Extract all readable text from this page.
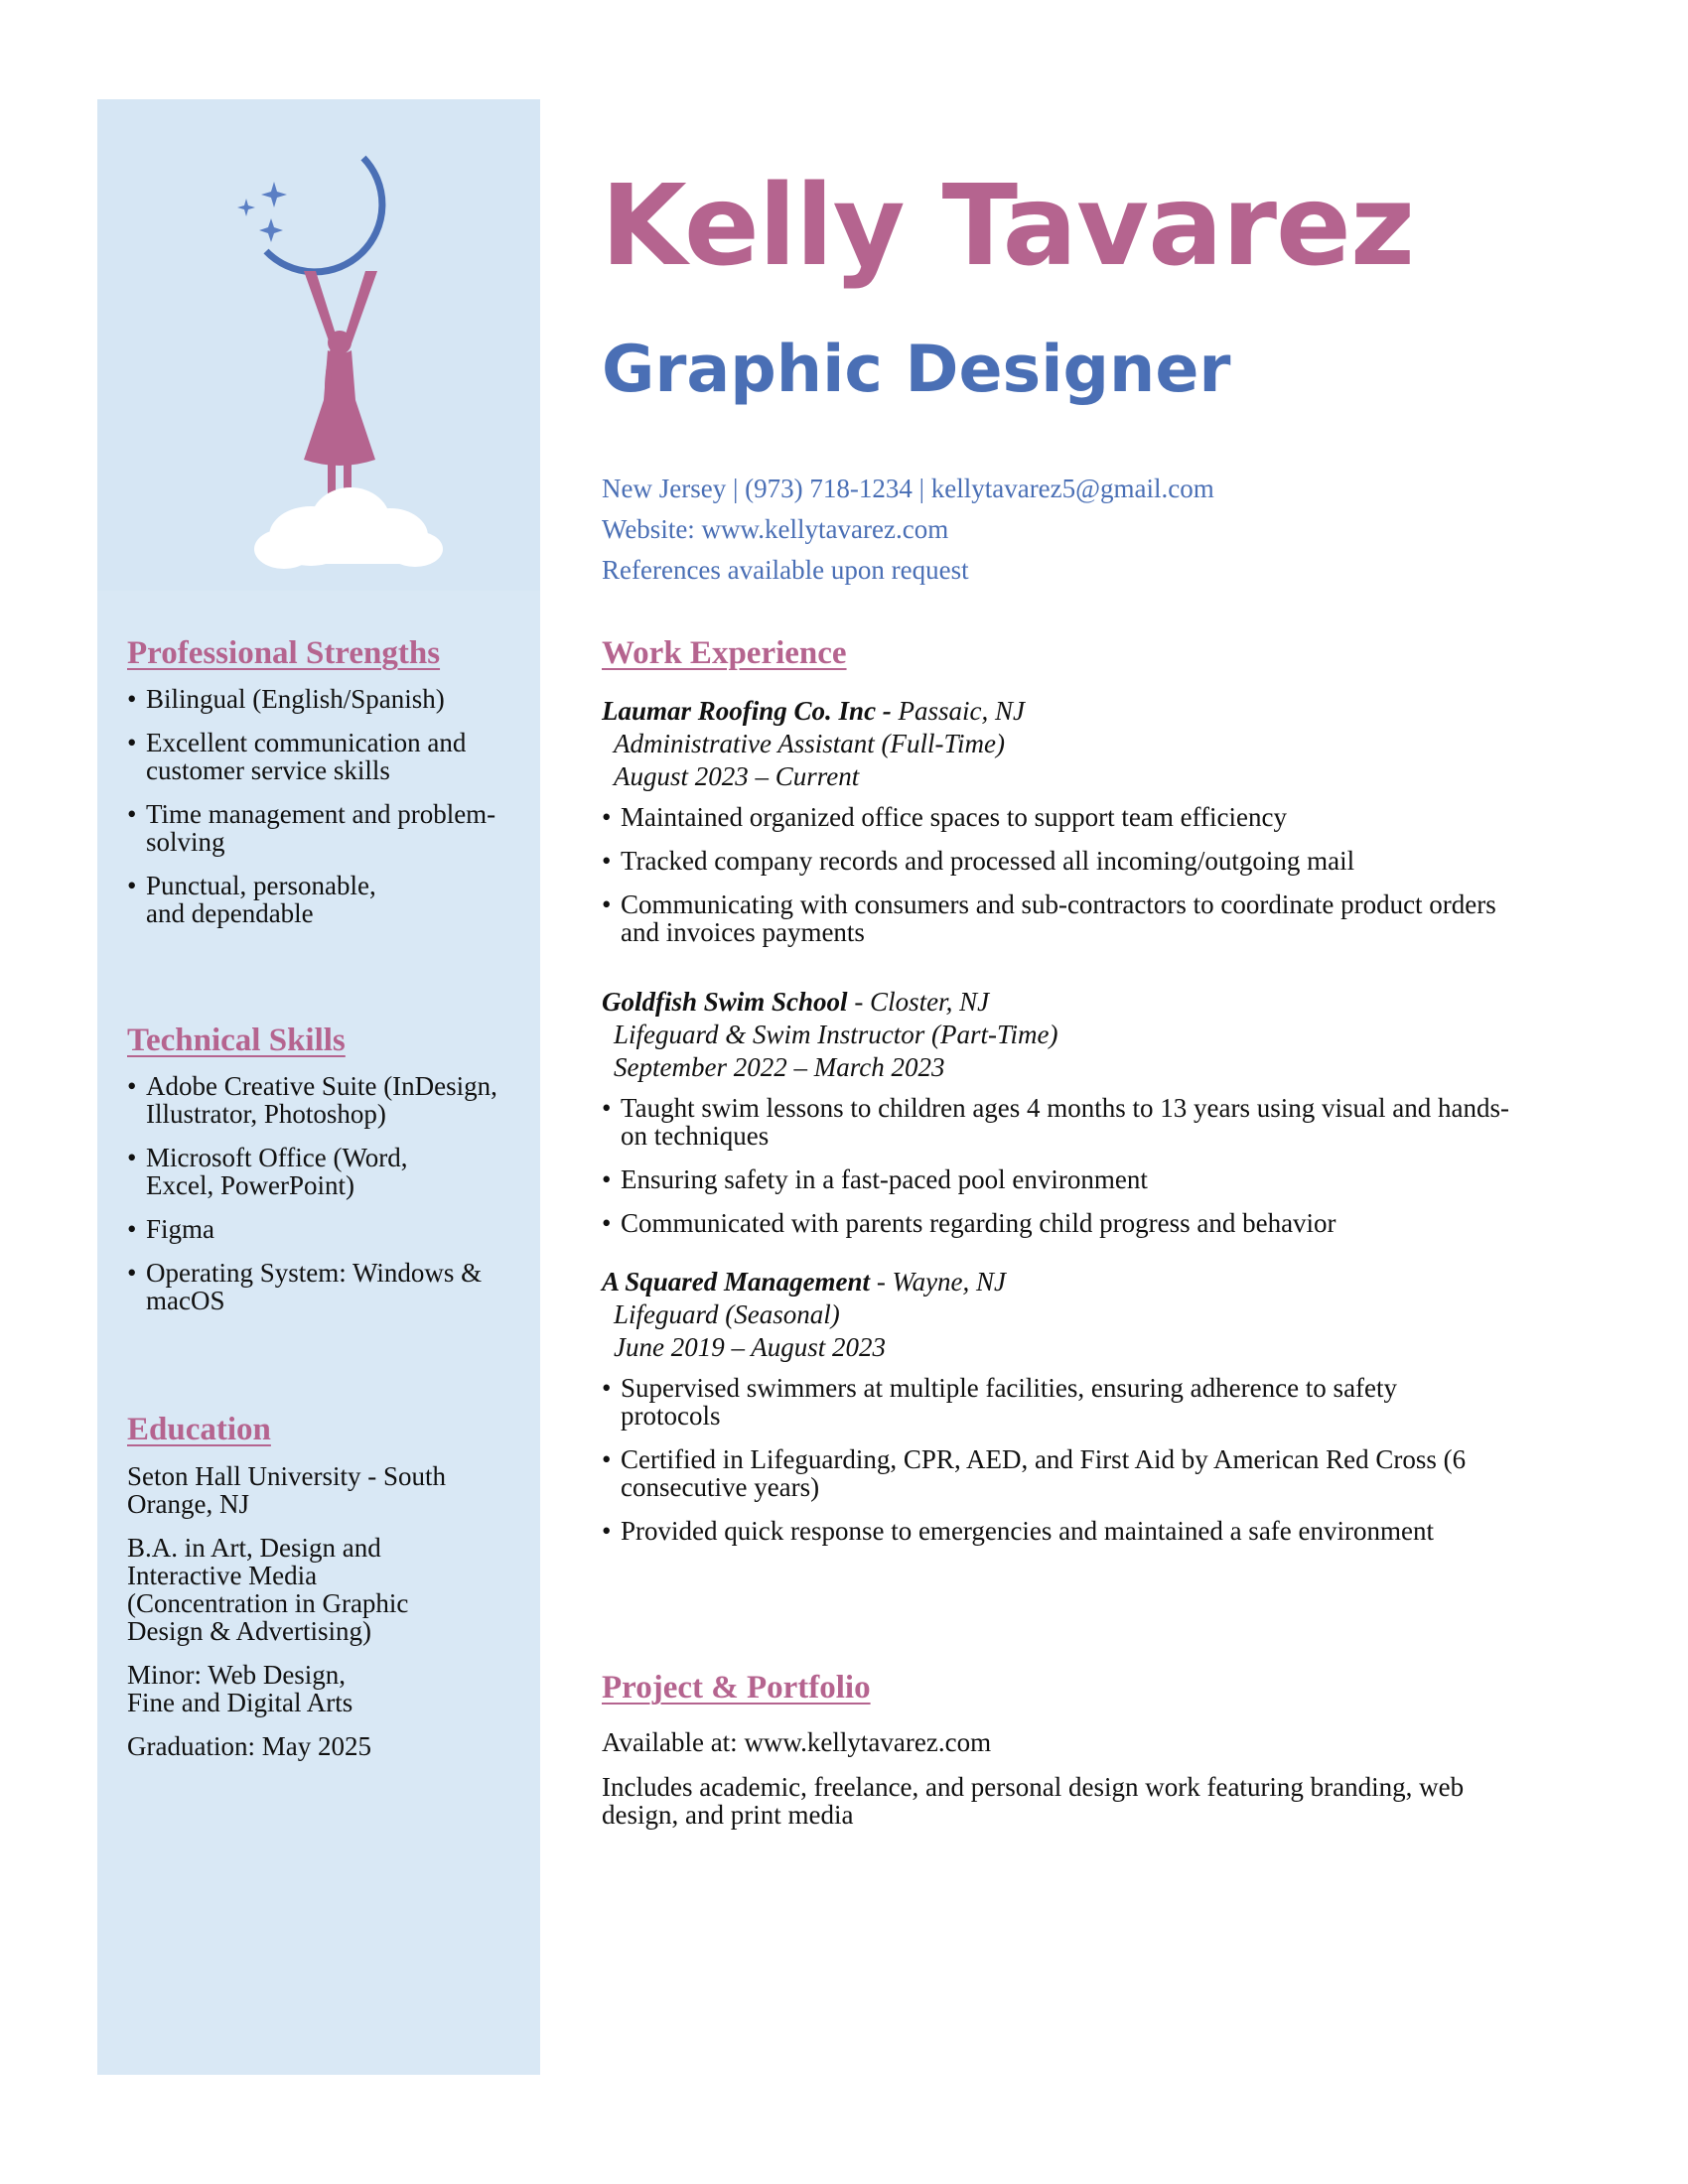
Professional Strengths
• Bilingual (English/Spanish)
• Excellent communication and customer service skills
• Time management and problem-solving
• Punctual, personable, and dependable
Technical Skills
• Adobe Creative Suite (InDesign, Illustrator, Photoshop)
• Microsoft Office (Word, Excel, PowerPoint)
• Figma
• Operating System: Windows & macOS
Education

Seton Hall University - South Orange, NJ

B.A. in Art, Design and Interactive Media (Concentration in Graphic Design & Advertising)

Minor: Web Design, Fine and Digital Arts

Graduation: May 2025

Kelly Tavarez
Graphic Designer
New Jersey | (973) 718-1234 | kellytavarez5@gmail.com
Website: www.kellytavarez.com
References available upon request
Work Experience
Laumar Roofing Co. Inc - Passaic, NJ
Administrative Assistant (Full-Time)
August 2023 – Current
• Maintained organized office spaces to support team efficiency
• Tracked company records and processed all incoming/outgoing mail
• Communicating with consumers and sub-contractors to coordinate product orders and invoices payments
Goldfish Swim School - Closter, NJ
Lifeguard & Swim Instructor (Part-Time)
September 2022 – March 2023
• Taught swim lessons to children ages 4 months to 13 years using visual and hands-on techniques
• Ensuring safety in a fast-paced pool environment
• Communicated with parents regarding child progress and behavior
A Squared Management - Wayne, NJ
Lifeguard (Seasonal)
June 2019 – August 2023
• Supervised swimmers at multiple facilities, ensuring adherence to safety protocols
• Certified in Lifeguarding, CPR, AED, and First Aid by American Red Cross (6 consecutive years)
• Provided quick response to emergencies and maintained a safe environment
Project & Portfolio

Available at: www.kellytavarez.com

Includes academic, freelance, and personal design work featuring branding, web design, and print media
